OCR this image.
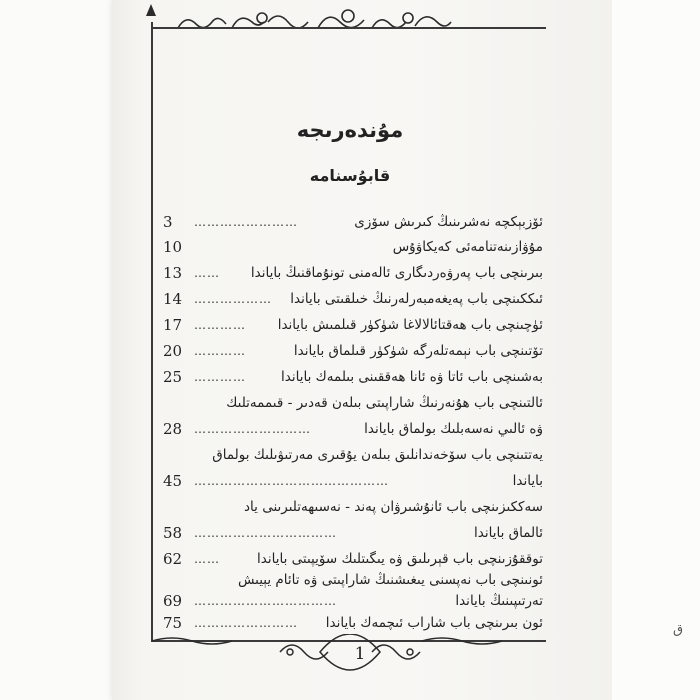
مۇندەرىجە
قابۇسنامە
3	……………………	ئۆزبېكچە نەشرىنىڭ كىرىش سۆزى
10	مۇۋازىنەتنامەئى كەيكاۋۇس
13 ……	بىرىنچى باب پەرۋەردىگارى ئالەمنى تونۇماقنىڭ باياندا
14 ………………	ئىككىنچى باب پەيغەمبەرلەرنىڭ خىلقىتى باياندا
17 …………	ئۈچىنچى باب ھەقتائالالاغا شۈكۈر قىلمىش باياندا
20 …………	تۆتىنچى باب نېمەتلەرگە شۈكۈر قىلماق باياندا
25 …………	بەشىنچى باب ئاتا ۋە ئانا ھەققىنى بىلمەك باياندا
ئالتىنچى باب ھۇنەرنىڭ شاراپىتى بىلەن قەدىر - قىممەتلىك
28 ………………………	ۋە ئالىي نەسەبلىك بولماق باياندا
يەتتىنچى باب سۆخەندانلىق بىلەن يۇقىرى مەرتىۋىلىك بولماق
45 ………………………………………	باياندا
سەككىزىنچى باب ئانۇشىرۋان پەند - نەسىھەتلىرىنى ياد
58 ……………………………	ئالماق باياندا
62 ……	توققۇزىنچى باب قېرىلىق ۋە يىگىتلىك سۆيپىتى باياندا
ئونىنچى باب نەپسنى يىغىشنىڭ شاراپىتى ۋە تائام يېيىش
69 ……………………………	تەرتىپىنىڭ باياندا
75 ……………………	ئون بىرىنچى باب شاراب ئىچمەك باياندا
1
ق
